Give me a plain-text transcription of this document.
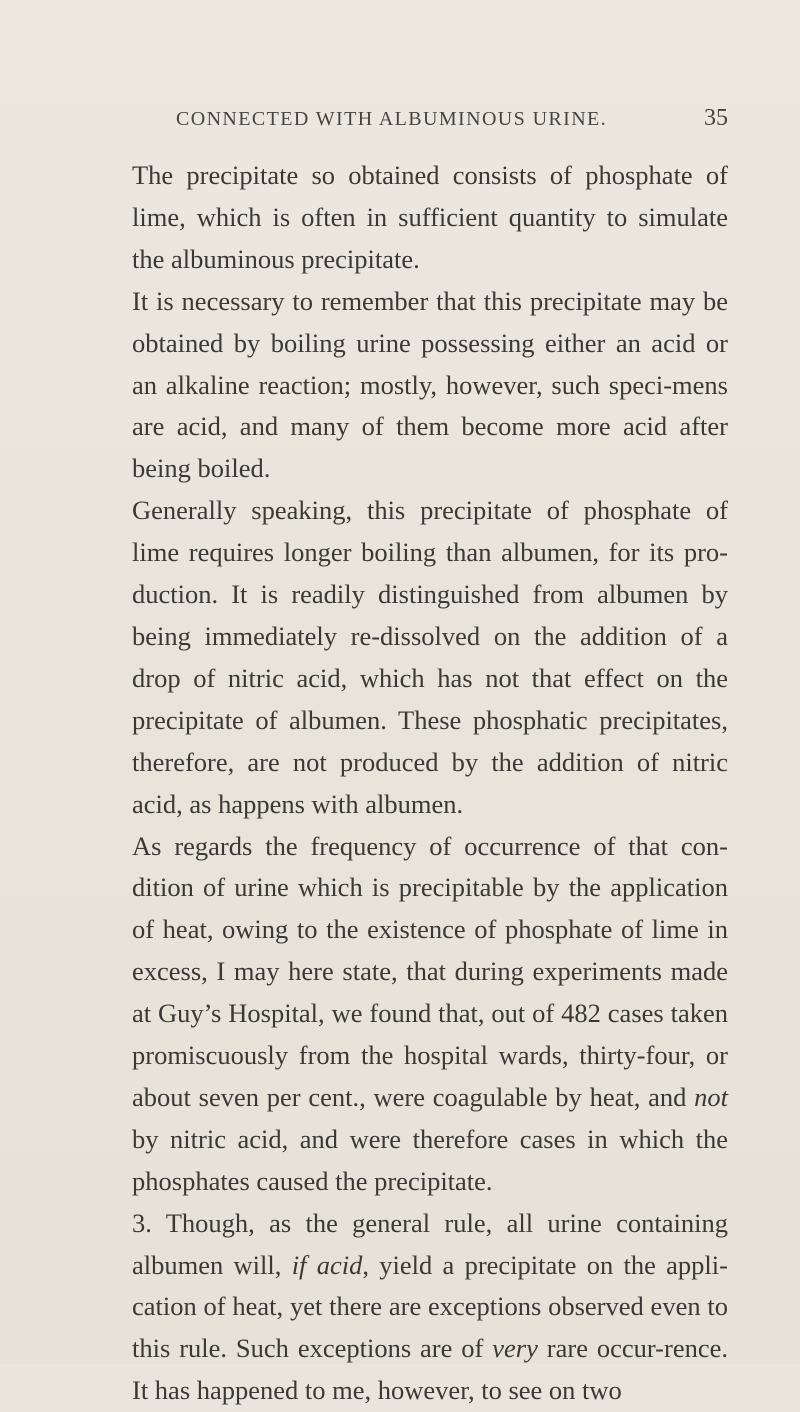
CONNECTED WITH ALBUMINOUS URINE.	35

The precipitate so obtained consists of phosphate of lime, which is often in sufficient quantity to simulate the albuminous precipitate.

It is necessary to remember that this precipitate may be obtained by boiling urine possessing either an acid or an alkaline reaction; mostly, however, such speci-mens are acid, and many of them become more acid after being boiled.

Generally speaking, this precipitate of phosphate of lime requires longer boiling than albumen, for its pro-duction. It is readily distinguished from albumen by being immediately re-dissolved on the addition of a drop of nitric acid, which has not that effect on the precipitate of albumen. These phosphatic precipitates, therefore, are not produced by the addition of nitric acid, as happens with albumen.

As regards the frequency of occurrence of that con-dition of urine which is precipitable by the application of heat, owing to the existence of phosphate of lime in excess, I may here state, that during experiments made at Guy’s Hospital, we found that, out of 482 cases taken promiscuously from the hospital wards, thirty-four, or about seven per cent., were coagulable by heat, and not by nitric acid, and were therefore cases in which the phosphates caused the precipitate.

3. Though, as the general rule, all urine containing albumen will, if acid, yield a precipitate on the appli-cation of heat, yet there are exceptions observed even to this rule. Such exceptions are of very rare occur-rence. It has happened to me, however, to see on two
